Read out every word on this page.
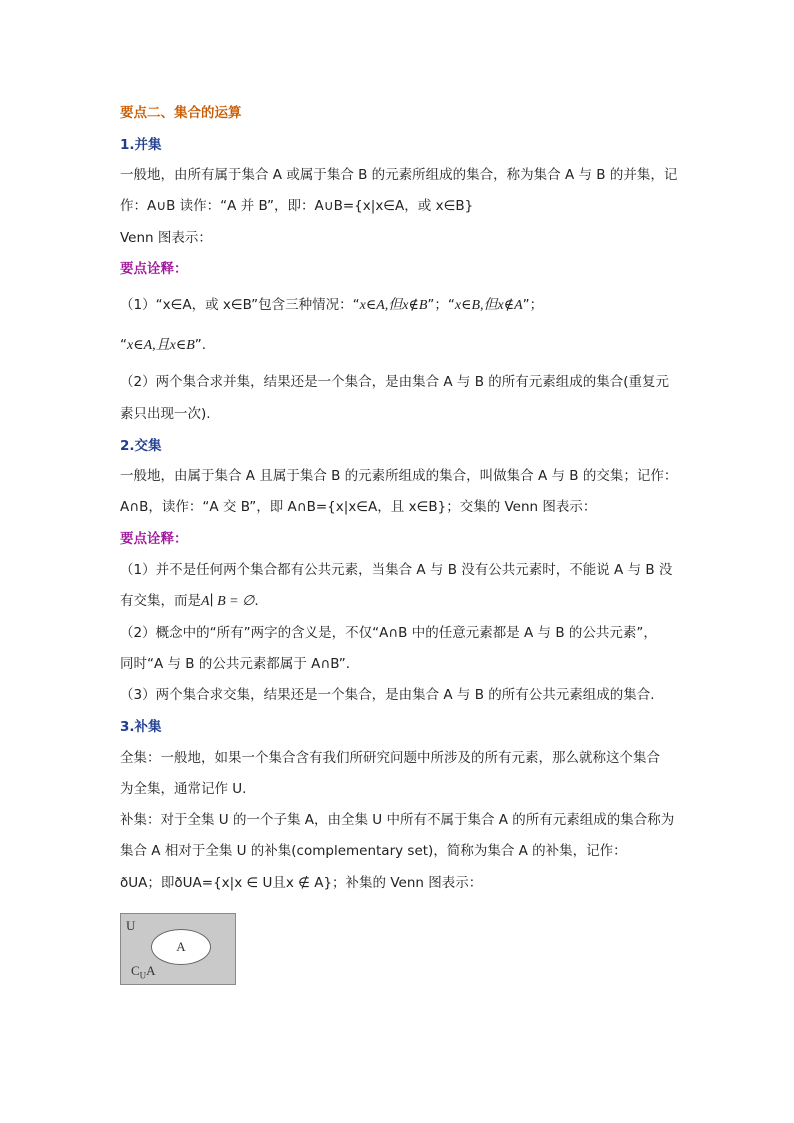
要点二、集合的运算
1.并集
一般地，由所有属于集合 A 或属于集合 B 的元素所组成的集合，称为集合 A 与 B 的并集，记
作：A∪B 读作：“A 并 B”，即：A∪B={x|x∈A，或 x∈B}
Venn 图表示：
要点诠释：
（1）“x∈A，或 x∈B”包含三种情况：“x∈A,但x∉B”；“x∈B,但x∉A”；
“x∈A,且x∈B”.
（2）两个集合求并集，结果还是一个集合，是由集合 A 与 B 的所有元素组成的集合(重复元
素只出现一次).
2.交集
一般地，由属于集合 A 且属于集合 B 的元素所组成的集合，叫做集合 A 与 B 的交集；记作：
A∩B，读作：“A 交 B”，即 A∩B={x|x∈A，且 x∈B}；交集的 Venn 图表示：
要点诠释：
（1）并不是任何两个集合都有公共元素，当集合 A 与 B 没有公共元素时，不能说 A 与 B 没
有交集，而是A∣ B = ∅.
（2）概念中的“所有”两字的含义是，不仅“A∩B 中的任意元素都是 A 与 B 的公共元素”，
同时“A 与 B 的公共元素都属于 A∩B”.
（3）两个集合求交集，结果还是一个集合，是由集合 A 与 B 的所有公共元素组成的集合.
3.补集
全集：一般地，如果一个集合含有我们所研究问题中所涉及的所有元素，那么就称这个集合
为全集，通常记作 U.
补集：对于全集 U 的一个子集 A，由全集 U 中所有不属于集合 A 的所有元素组成的集合称为
集合 A 相对于全集 U 的补集(complementary set)，简称为集合 A 的补集，记作：
ðUA；即ðUA={x|x ∈ U且x ∉ A}；补集的 Venn 图表示：
U
A
$C_UA$
